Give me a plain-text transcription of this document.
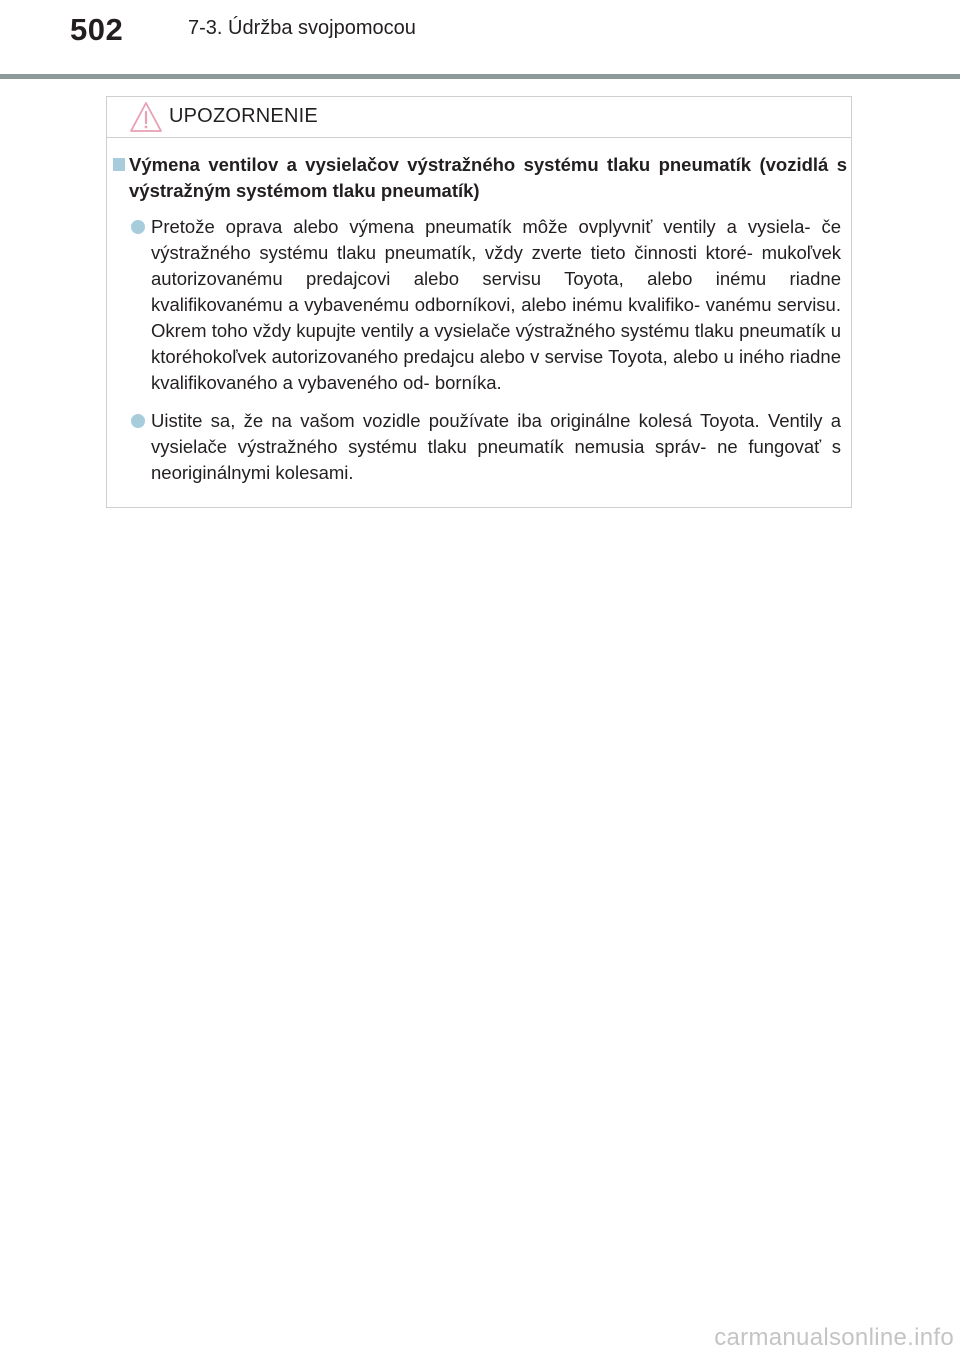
502	7-3. Údržba svojpomocou
UPOZORNENIE
Výmena ventilov a vysielačov výstražného systému tlaku pneumatík (vozidlá s výstražným systémom tlaku pneumatík)
Pretože oprava alebo výmena pneumatík môže ovplyvniť ventily a vysiela- če výstražného systému tlaku pneumatík, vždy zverte tieto činnosti ktoré- mukoľvek autorizovanému predajcovi alebo servisu Toyota, alebo inému riadne kvalifikovanému a vybavenému odborníkovi, alebo inému kvalifiko- vanému servisu. Okrem toho vždy kupujte ventily a vysielače výstražného systému tlaku pneumatík u ktoréhokoľvek autorizovaného predajcu alebo v servise Toyota, alebo u iného riadne kvalifikovaného a vybaveného od- borníka.
Uistite sa, že na vašom vozidle používate iba originálne kolesá Toyota. Ventily a vysielače výstražného systému tlaku pneumatík nemusia správ- ne fungovať s neoriginálnymi kolesami.
carmanualsonline.info
